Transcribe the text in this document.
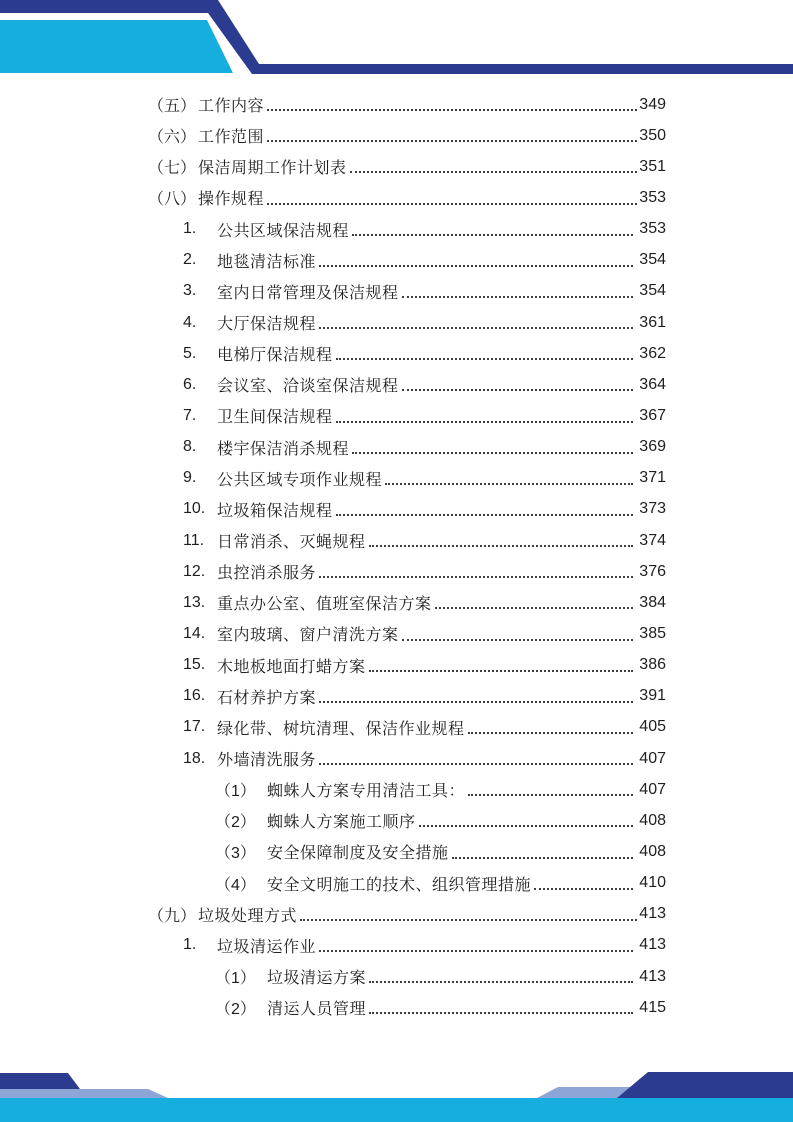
（五） 工作内容	349
（六） 工作范围	350
（七） 保洁周期工作计划表	351
（八） 操作规程	353
1.	公共区域保洁规程	353
2.	地毯清洁标准	354
3.	室内日常管理及保洁规程	354
4.	大厅保洁规程	361
5.	电梯厅保洁规程	362
6.	会议室、洽谈室保洁规程	364
7.	卫生间保洁规程	367
8.	楼宇保洁消杀规程	369
9.	公共区域专项作业规程	371
10. 垃圾箱保洁规程	373
11. 日常消杀、灭蝇规程	374
12. 虫控消杀服务	376
13. 重点办公室、值班室保洁方案	384
14. 室内玻璃、窗户清洗方案	385
15. 木地板地面打蜡方案	386
16. 石材养护方案	391
17. 绿化带、树坑清理、保洁作业规程	405
18. 外墙清洗服务	407
（1） 蜘蛛人方案专用清洁工具：	407
（2） 蜘蛛人方案施工顺序	408
（3） 安全保障制度及安全措施	408
（4） 安全文明施工的技术、组织管理措施	410
（九） 垃圾处理方式	413
1.	垃圾清运作业	413
（1） 垃圾清运方案	413
（2） 清运人员管理	415
